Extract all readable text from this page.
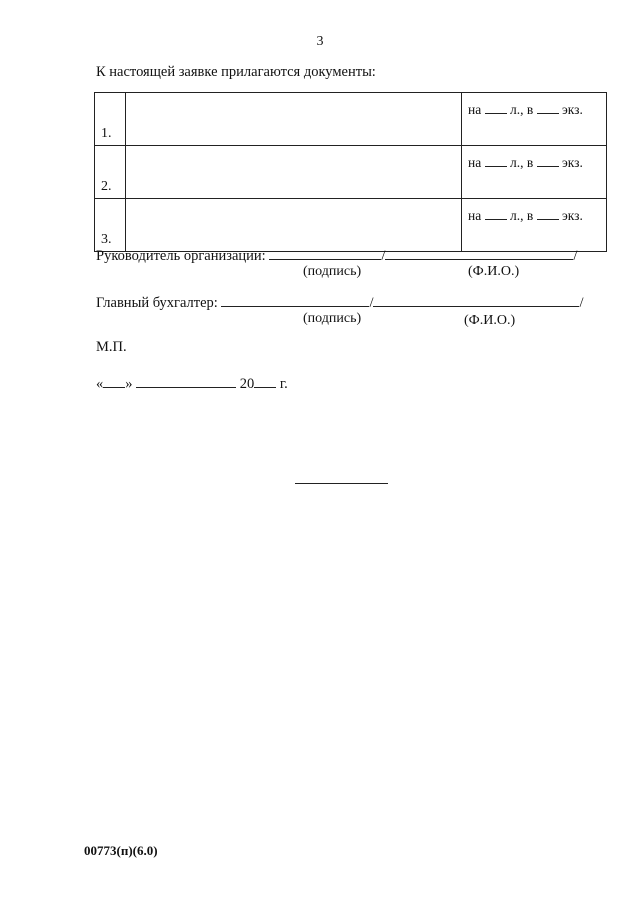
3
К настоящей заявке прилагаются документы:
1.		на л., в экз.
2.		на л., в экз.
3.		на л., в экз.
Руководитель организации:	/	/
(подпись)	(Ф.И.О.)
Главный бухгалтер:	/	/
(подпись)	(Ф.И.О.)
М.П.
« »	20 г.
00773(п)(6.0)
